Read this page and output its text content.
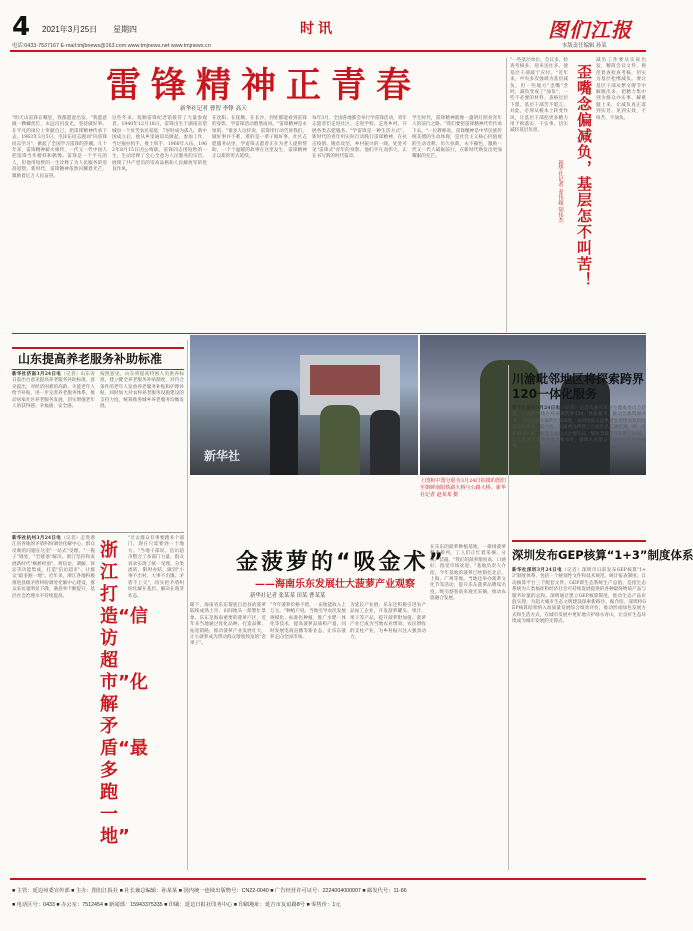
4 2021年3月25日 星期四	时讯	图们江报
电话:0433-7537167 E-mail:tmjbnews@163.com www.tmjnews.net www.tmjnews.cn	本版责任编辑 孙某
雷锋精神正青春
新华社记者 曹智 李铮 高天
"明天山雷锋在哪里，我都愿意出发。"我愿意做一颗螺丝钉，永远闪闪发光，坚持做好事、在平凡的岗位上奉献自己，把雷锋精神传承下去。1963年3月5日，毛泽东同志题词"向雷锋同志学习"，掀起了全国学习雷锋的热潮。几十年来，雷锋精神薪火相传，一代又一代中国人把雷锋当作榜样和偶像。雷锋是一个平凡的人，但他用短暂的一生诠释了为人民服务的崇高思想。新时代，雷锋精神依然闪耀着光芒，激励着亿万人民奋进。
这些年来，抚顺雷锋纪念馆接待了大量参观者。1940年12月18日，雷锋出生于湖南省望城县一个贫苦农民家庭，7岁时成为孤儿。新中国成立后，他从乡里通讯员做起，参加工作，当过拖拉机手、推土机手，1960年入伍，1962年8月15日因公殉职。雷锋同志用短暂的一生，生动诠释了全心全意为人民服务的宗旨，展现了共产党员的崇高品格和人民解放军的优良作风。
在沈阳、在抚顺、在长沙，到处都能看到雷锋的身影，学雷锋活动蔚然成风。"雷锋精神是永恒的。"很多人这样说，雷锋用行动告诉我们，做好事并不难，难的是一辈子做好事。社区志愿服务站里，学雷锋志愿者正在为老人提供帮助，一个个温暖的故事在这里发生，雷锋精神正以新的形式延续。
每年3月，全国各地都会举行学雷锋活动，青年志愿者们走进社区、走进学校、走进乡村，开展各类志愿服务。"学雷锋是一种生活方式"。新时代的青年用实际行动践行雷锋精神，在抗击疫情、脱贫攻坚、乡村振兴的一线，处处可见"雷锋式"青年的身影。他们平凡而伟大，正在书写新的时代篇章。
学生时代，雷锋精神就像一盏明灯照亮青年人的前行之路。"我们要把雷锋精神代代传承下去。"一位教师说。雷锋精神是中华民族传统美德的生动体现，是社会主义核心价值观的生动诠释，历久弥新，永不褪色，激励一代又一代人砥砺前行，在新时代焕发出更加耀眼的光芒。
"一些基层单位，会议多、检查考核多、迎来送往多，使基层干部疲于应付。"近年来，中央多次强调为基层减负，但一些地方"歪嘴"念经，减负变成了"加负"，一些不必要的材料、表格层层下派，基层干部苦不堪言。对此，必须从根本上转变作风，让基层干部把更多精力用于抓落实、干实事，切实减轻基层负担。	歪嘴念偏减负，基层怎不叫苦！
新华社记者 姜伟超 胡伟杰
减负工作要从实际出发，精简会议文件，规范督查检查考核，切实为基层松绑减负。要让基层干部从繁文缛节中解脱出来，把精力集中到为群众办实事、解难题上来，让减负真正落到实处、见到实效，不叫苦、不加负。
新华社
上图和中图分别为3月24日拍摄的图们至朝鲜南阳铁路大桥与公路大桥。新华社记者 赵某某 摄
山东提高养老服务补助标准
新华社济南3月24日电（记者）山东省日前出台意见提高养老服务补助标准。意见提出，对经济困难的高龄、失能老年人给予补贴，进一步完善养老服务体系，推动居家社区养老服务发展，切实增强老年人的获得感、幸福感、安全感。
按照意见，山东将提高特困人员供养标准，建立健全养老服务补贴制度，对符合条件的老年人发放养老服务补贴和护理补贴，同时加大对农村养老服务设施建设的支持力度，统筹推进城乡养老服务均衡发展。
新华社杭州3月24日电（记者）走进浙江省各地的矛盾纠纷调处化解中心，群众反映的问题在这里"一站式"受理、"一揽子"调处、"全链条"解决。浙江坚持和发展新时代"枫桥经验"，将信访、调解、诉讼等功能集成，打造"信访超市"，让群众"最多跑一地"。近年来，浙江各地积极推进县级矛盾纠纷调处化解中心建设，群众来访量明显下降，满意率不断提升，基层社会治理水平持续提高。
浙江打造“信访超市”化解矛盾“最多跑一地”
"过去群众有事要跑多个部门，现在只需要到一个地方。"当地干部说。信访超市整合了多部门力量，群众诉求实现了统一受理、分类流转、限时办结，做到"小事不出村、大事不出镇、矛盾不上交"，切实把矛盾纠纷化解在基层、解决在萌芽状态。
金菠萝的“吸金术”
——海南乐东发展壮大菠萝产业观察
新华社记者 张某某 田某 曹某某
眼下，海南省乐东黎族自治县的菠萝陆续成熟上市，田间地头一派繁忙景象。乐东是海南重要的菠萝产区，近年来当地通过优化品种、打造品牌、拓宽销路，推动菠萝产业发展壮大，让小菠萝成为带动群众增收致富的"金果子"。
"今年菠萝价格不错，一亩地能收入上万元。"种植户说。当地引导农民发展规模化、标准化种植，推广水肥一体化等技术，提高菠萝品质和产量，同时发展电商直播等新业态，让乐东菠萝走向全国市场。
为延长产业链，乐东还积极引进农产品加工企业，开发菠萝罐头、果汁、果干等产品，提升菠萝附加值。菠萝产业已成为当地农业增效、农民增收的支柱产业，为乡村振兴注入强劲动力。
在乐东的菠萝种植基地，一排排菠萝整齐排列，工人们正忙着采摘、分拣、装箱。"我们的菠萝甜度高、口感好，很受市场欢迎。"基地负责人介绍，今年基地的菠萝已经销往北京、上海、广州等地。当地还举办菠萝文化节等活动，提升乐东菠萝品牌知名度，吸引游客前来观光采摘，推动农旅融合发展。
川渝毗邻地区将探索跨界120一体化服务
新华社重庆3月24日电（记者）记者从重庆市卫生健康委员会获悉，川渝毗邻地区将探索跨界120一体化服务，推动急救资源共享，实现急救车辆跨区域调度，为两地群众提供更加便捷高效的院前急救服务。据介绍，川渝两地将建立急救信息互通机制，统一急救服务标准，推进急救站点合理布局，缩短急救半径和响应时间，提升区域急救服务能力和水平，保障人民群众生命安全和身体健康。
深圳发布GEP核算“1+3”制度体系
新华社深圳3月24日电（记者）深圳市日前发布GEP核算"1+3"制度体系，包括一个统领性文件和技术规范、统计报表制度、自动核算平台三个配套文件。GEP即生态系统生产总值，是指生态系统为人类福祉和经济社会可持续发展提供的各种最终物质产品与服务价值的总和。深圳通过建立GEP核算制度，推动生态产品价值实现，为超大城市生态文明建设探索新路径。据介绍，深圳将GEP核算结果纳入高质量发展综合绩效评价，推动形成绿色发展方式和生活方式，在城市发展中更好地守护绿水青山，让良好生态环境成为城市发展的支撑点。
■ 主管：延边州委宣传部 ■ 主办：图们江报社 ■ 社长兼总编辑：孙某某 ■ 国内统一连续出版物号：CN22-0040 ■ 广告经营许可证号：2224004000007 ■ 邮发代号：11-86
■ 电话区号：0433 ■ 办公室：7512454 ■ 新闻部：15943375335 ■ 印刷：延边日报社印务中心 ■ 印刷地址：延吉市友谊路8号 ■ 零售价：1元
